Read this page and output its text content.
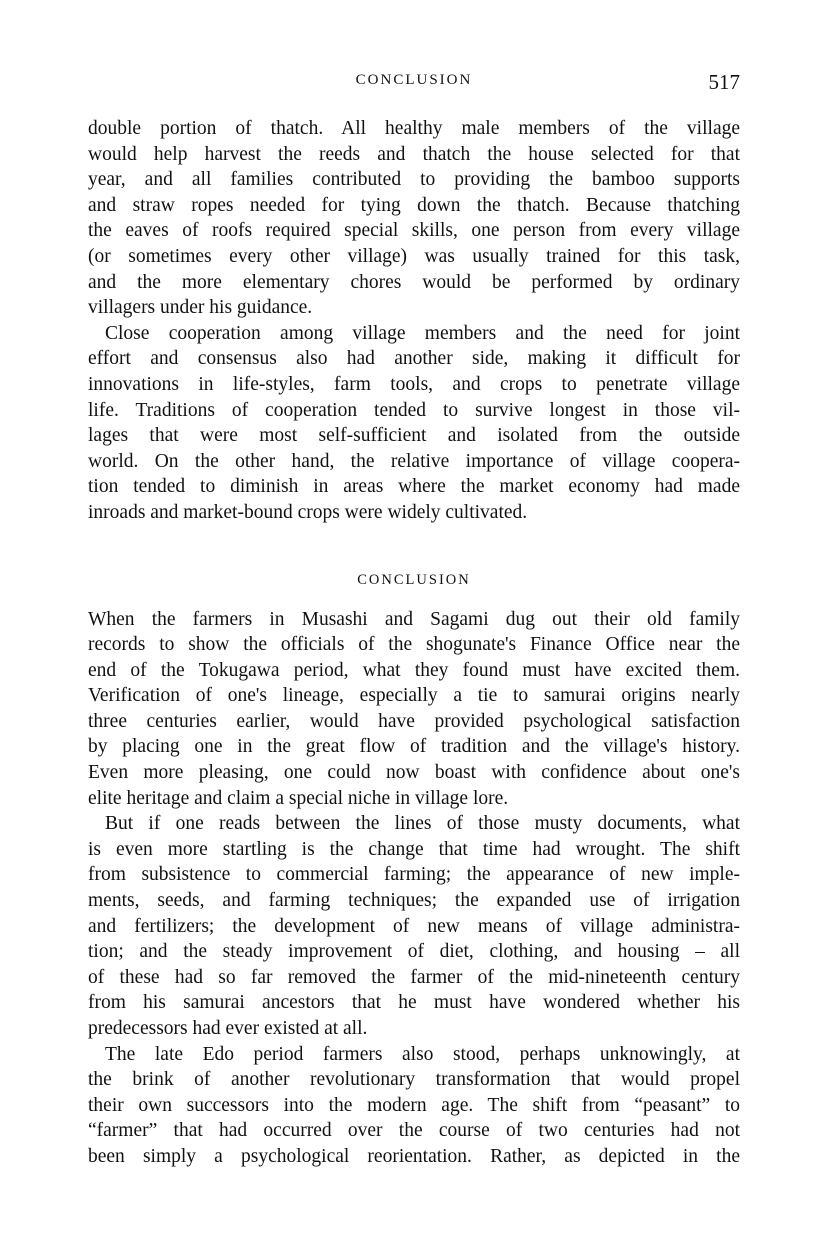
CONCLUSION	517

double portion of thatch. All healthy male members of the village
would help harvest the reeds and thatch the house selected for that
year, and all families contributed to providing the bamboo supports
and straw ropes needed for tying down the thatch. Because thatching
the eaves of roofs required special skills, one person from every village
(or sometimes every other village) was usually trained for this task,
and the more elementary chores would be performed by ordinary
villagers under his guidance.

Close cooperation among village members and the need for joint
effort and consensus also had another side, making it difficult for
innovations in life-styles, farm tools, and crops to penetrate village
life. Traditions of cooperation tended to survive longest in those vil-
lages that were most self-sufficient and isolated from the outside
world. On the other hand, the relative importance of village coopera-
tion tended to diminish in areas where the market economy had made
inroads and market-bound crops were widely cultivated.

CONCLUSION

When the farmers in Musashi and Sagami dug out their old family
records to show the officials of the shogunate's Finance Office near the
end of the Tokugawa period, what they found must have excited them.
Verification of one's lineage, especially a tie to samurai origins nearly
three centuries earlier, would have provided psychological satisfaction
by placing one in the great flow of tradition and the village's history.
Even more pleasing, one could now boast with confidence about one's
elite heritage and claim a special niche in village lore.

But if one reads between the lines of those musty documents, what
is even more startling is the change that time had wrought. The shift
from subsistence to commercial farming; the appearance of new imple-
ments, seeds, and farming techniques; the expanded use of irrigation
and fertilizers; the development of new means of village administra-
tion; and the steady improvement of diet, clothing, and housing – all
of these had so far removed the farmer of the mid-nineteenth century
from his samurai ancestors that he must have wondered whether his
predecessors had ever existed at all.

The late Edo period farmers also stood, perhaps unknowingly, at
the brink of another revolutionary transformation that would propel
their own successors into the modern age. The shift from “peasant” to
“farmer” that had occurred over the course of two centuries had not
been simply a psychological reorientation. Rather, as depicted in the
